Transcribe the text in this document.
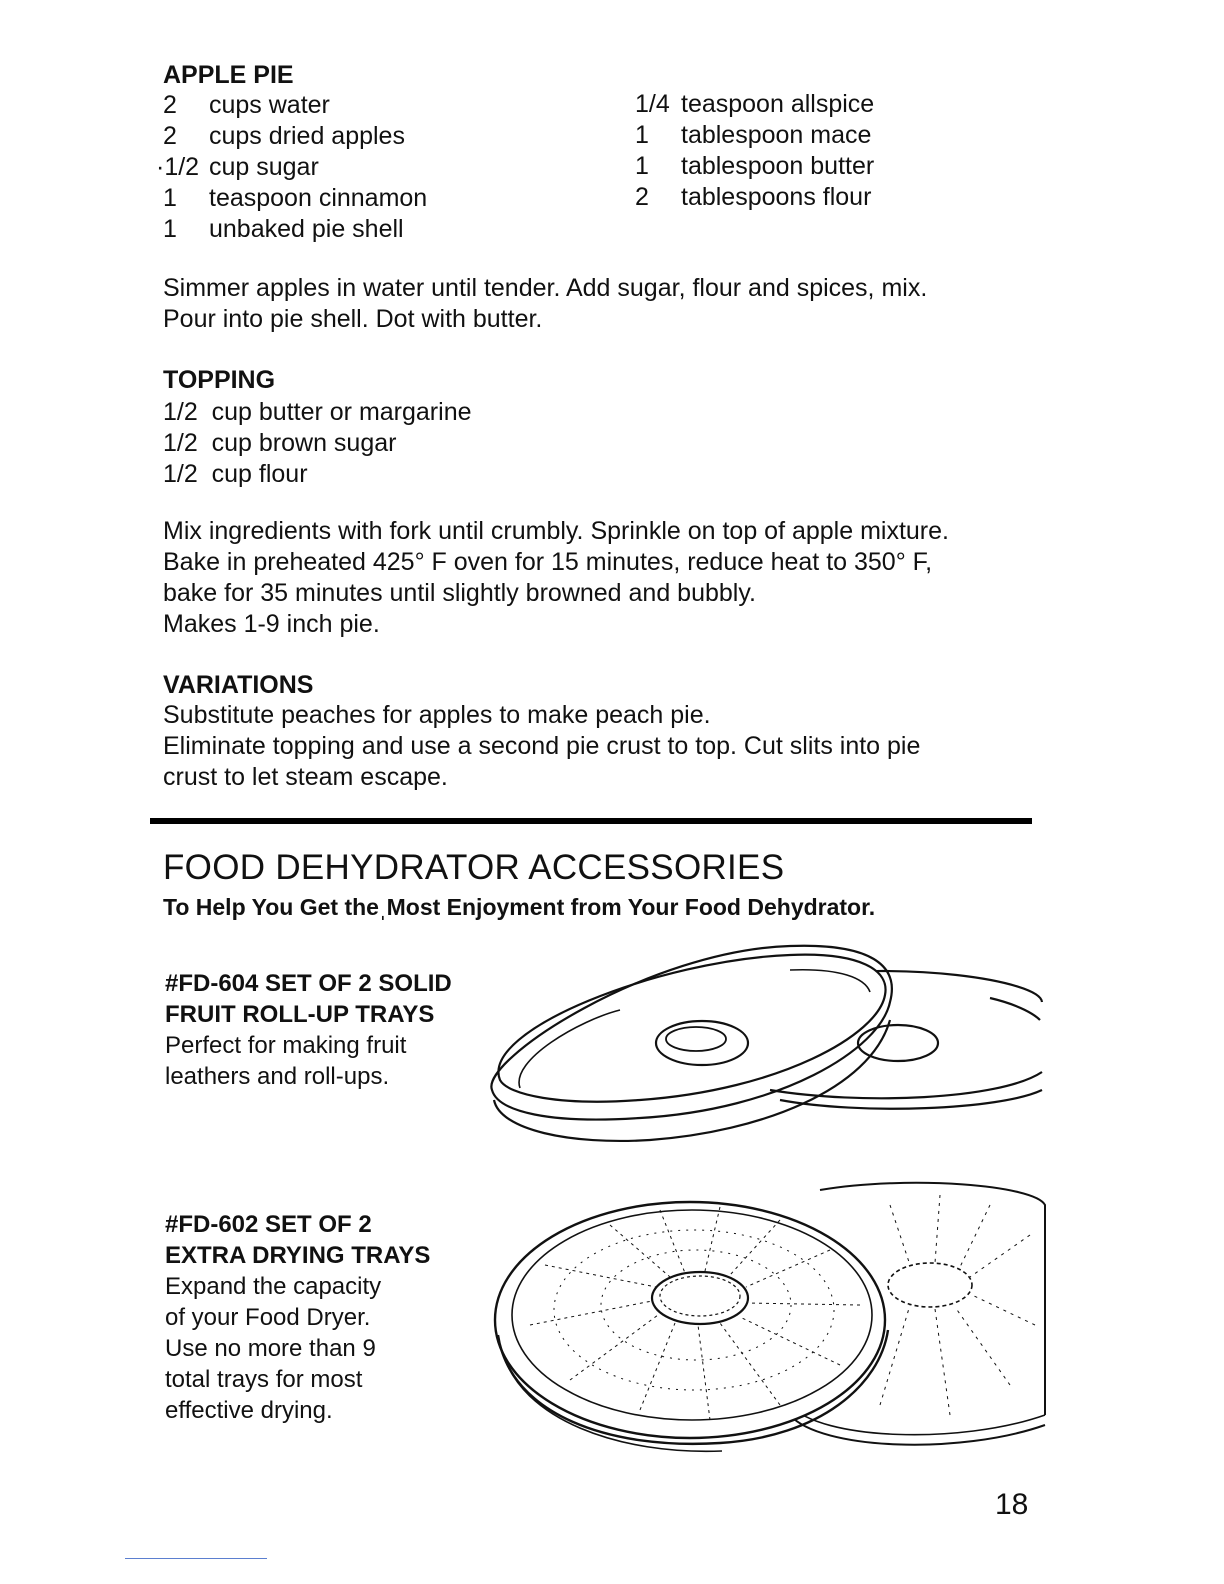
APPLE PIE
2	cups water
2	cups dried apples
·1/2 cup sugar
1	teaspoon cinnamon
1	unbaked pie shell
1/4 teaspoon allspice
1	tablespoon mace
1	tablespoon butter
2	tablespoons flour
Simmer apples in water until tender. Add sugar, flour and spices, mix.
Pour into pie shell. Dot with butter.
TOPPING
1/2  cup butter or margarine
1/2  cup brown sugar
1/2  cup flour
Mix ingredients with fork until crumbly. Sprinkle on top of apple mixture.
Bake in preheated 425° F oven for 15 minutes, reduce heat to 350° F,
bake for 35 minutes until slightly browned and bubbly.
Makes 1-9 inch pie.
VARIATIONS
Substitute peaches for apples to make peach pie.
Eliminate topping and use a second pie crust to top. Cut slits into pie
crust to let steam escape.
FOOD DEHYDRATOR ACCESSORIES
To Help You Get theˌMost Enjoyment from Your Food Dehydrator.
#FD-604 SET OF 2 SOLID
FRUIT ROLL-UP TRAYS
Perfect for making fruit
leathers and roll-ups.
#FD-602 SET OF 2
EXTRA DRYING TRAYS
Expand the capacity
of your Food Dryer.
Use no more than 9
total trays for most
effective drying.
18
